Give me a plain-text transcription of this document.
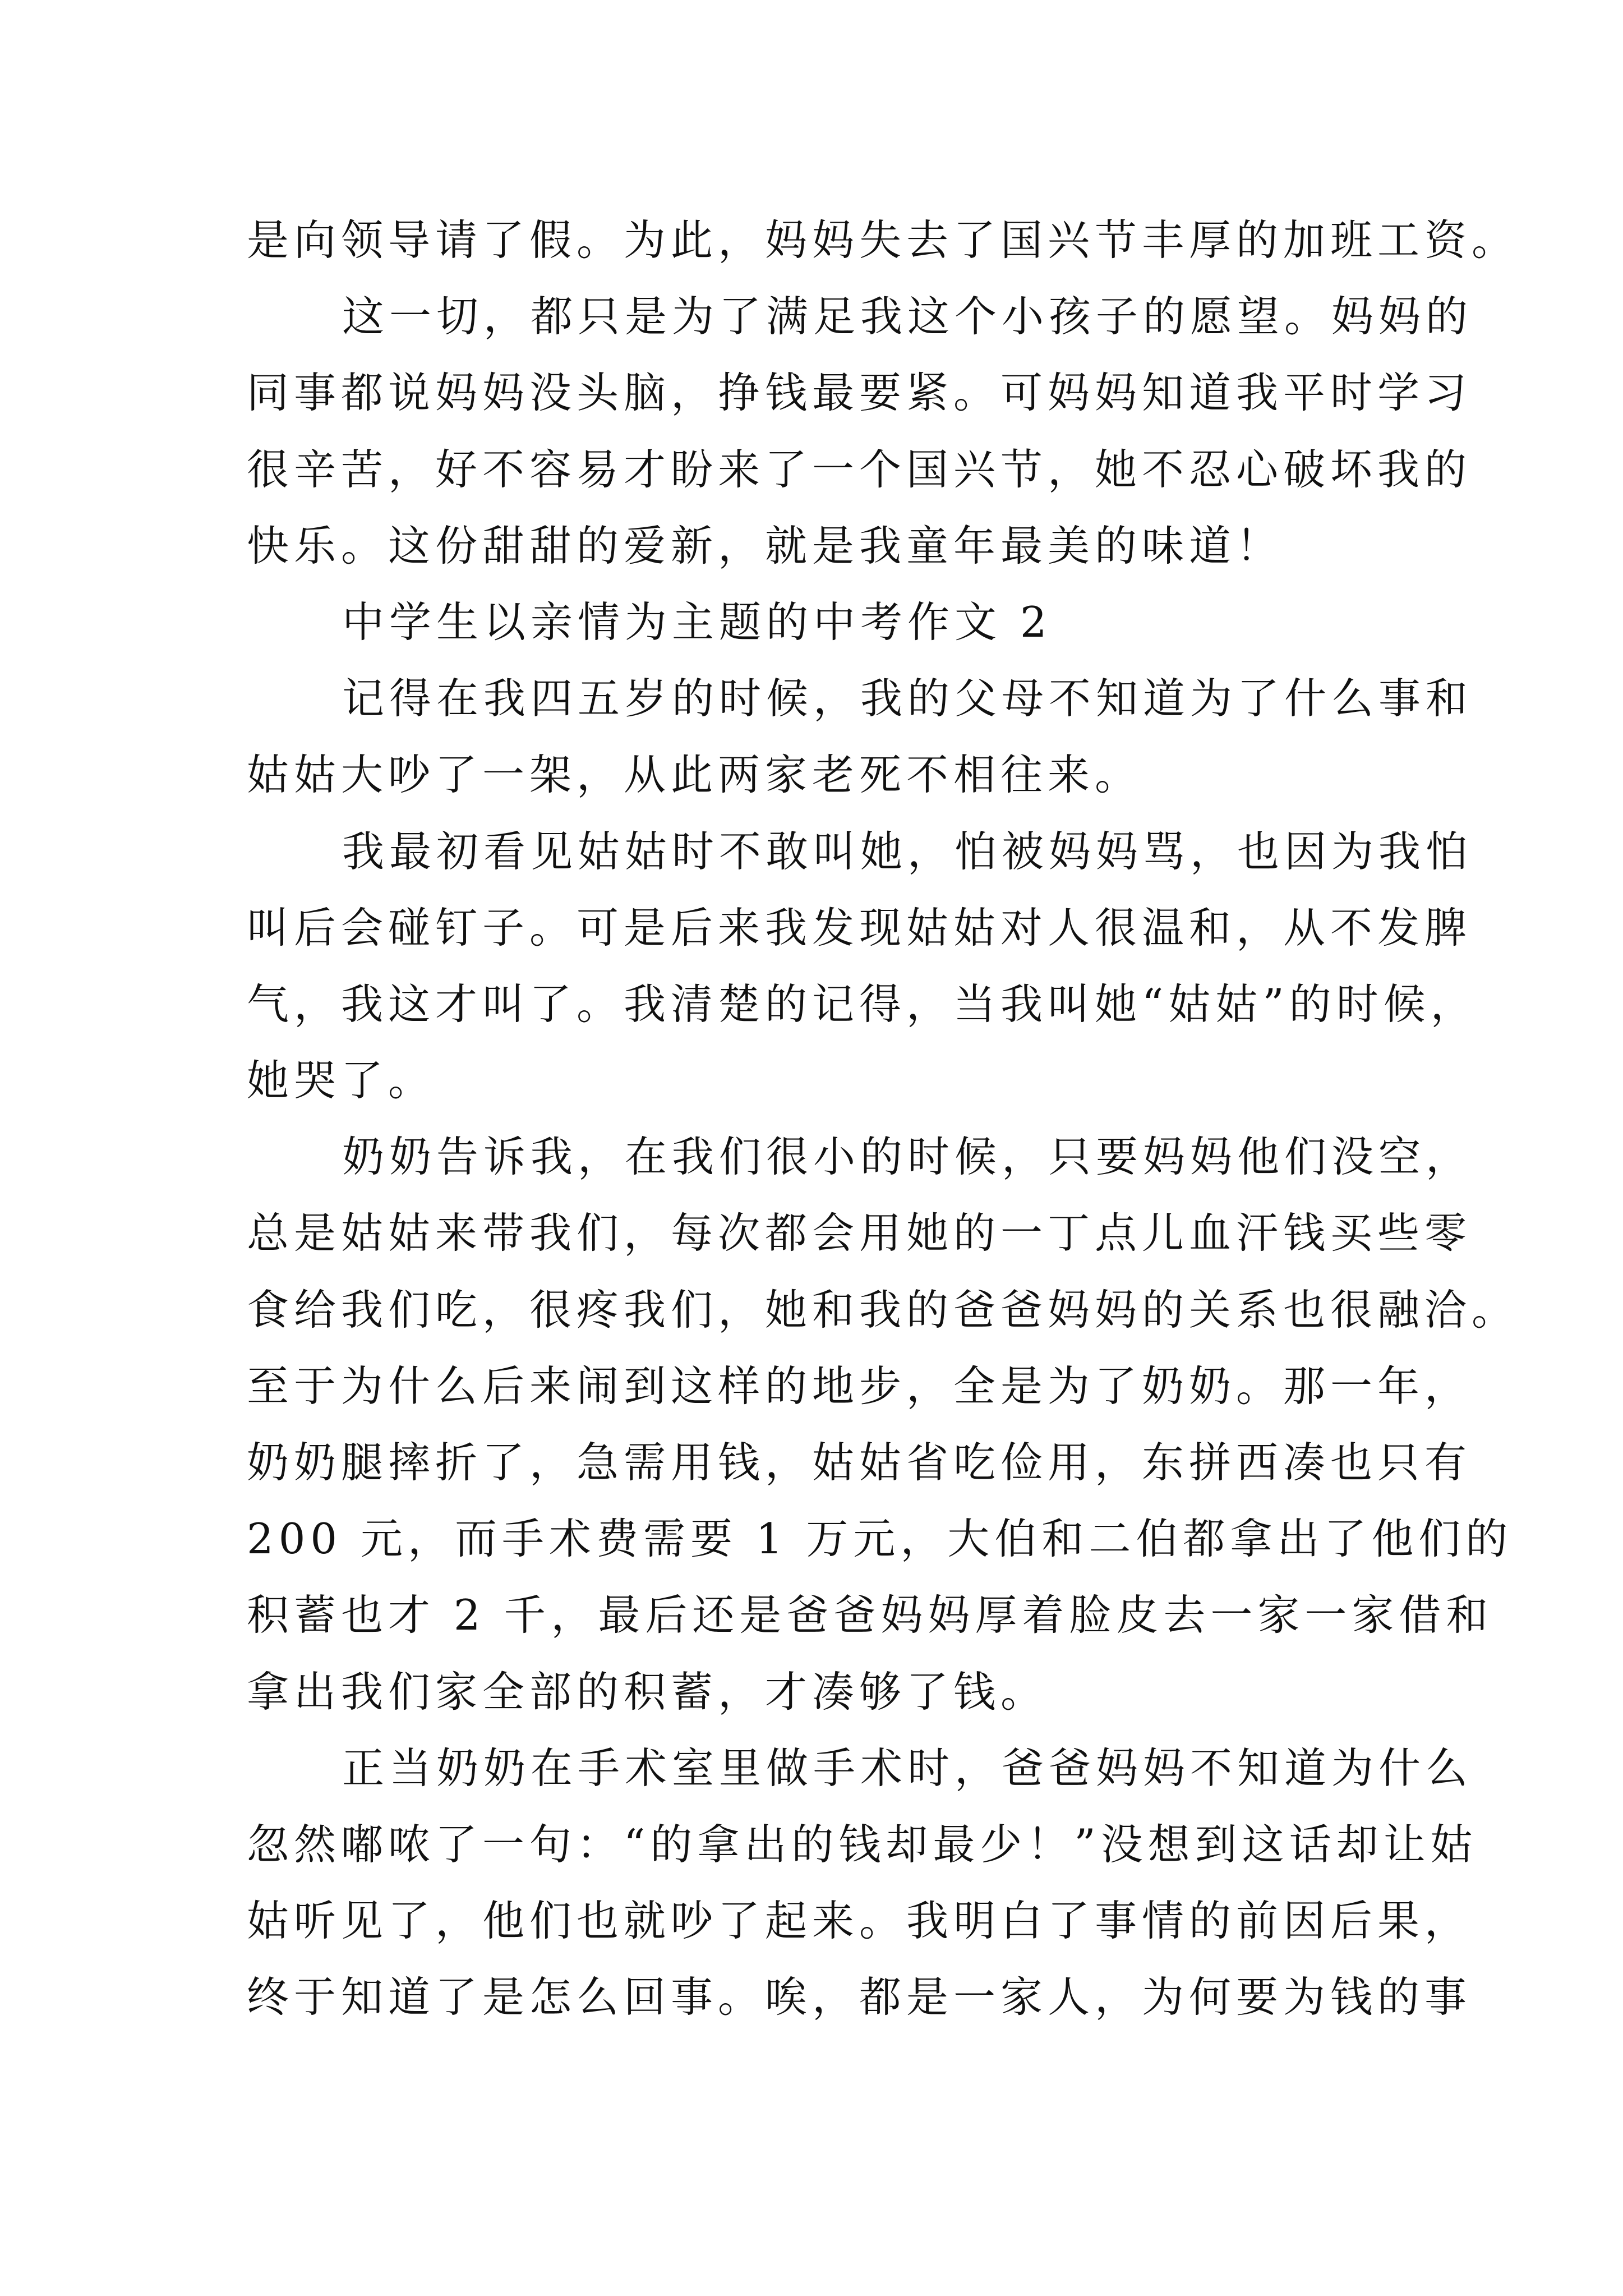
是向领导请了假。为此，妈妈失去了国兴节丰厚的加班工资。
这一切，都只是为了满足我这个小孩子的愿望。妈妈的
同事都说妈妈没头脑，挣钱最要紧。可妈妈知道我平时学习
很辛苦，好不容易才盼来了一个国兴节，她不忍心破坏我的
快乐。这份甜甜的爱新，就是我童年最美的味道！
中学生以亲情为主题的中考作文 2
记得在我四五岁的时候，我的父母不知道为了什么事和
姑姑大吵了一架，从此两家老死不相往来。
我最初看见姑姑时不敢叫她，怕被妈妈骂，也因为我怕
叫后会碰钉子。可是后来我发现姑姑对人很温和，从不发脾
气，我这才叫了。我清楚的记得，当我叫她“姑姑”的时候，
她哭了。
奶奶告诉我，在我们很小的时候，只要妈妈他们没空，
总是姑姑来带我们，每次都会用她的一丁点儿血汗钱买些零
食给我们吃，很疼我们，她和我的爸爸妈妈的关系也很融洽。
至于为什么后来闹到这样的地步，全是为了奶奶。那一年，
奶奶腿摔折了，急需用钱，姑姑省吃俭用，东拼西凑也只有
200 元，而手术费需要 1 万元，大伯和二伯都拿出了他们的
积蓄也才 2 千，最后还是爸爸妈妈厚着脸皮去一家一家借和
拿出我们家全部的积蓄，才凑够了钱。
正当奶奶在手术室里做手术时，爸爸妈妈不知道为什么
忽然嘟哝了一句：“的拿出的钱却最少！”没想到这话却让姑
姑听见了，他们也就吵了起来。我明白了事情的前因后果，
终于知道了是怎么回事。唉，都是一家人，为何要为钱的事
